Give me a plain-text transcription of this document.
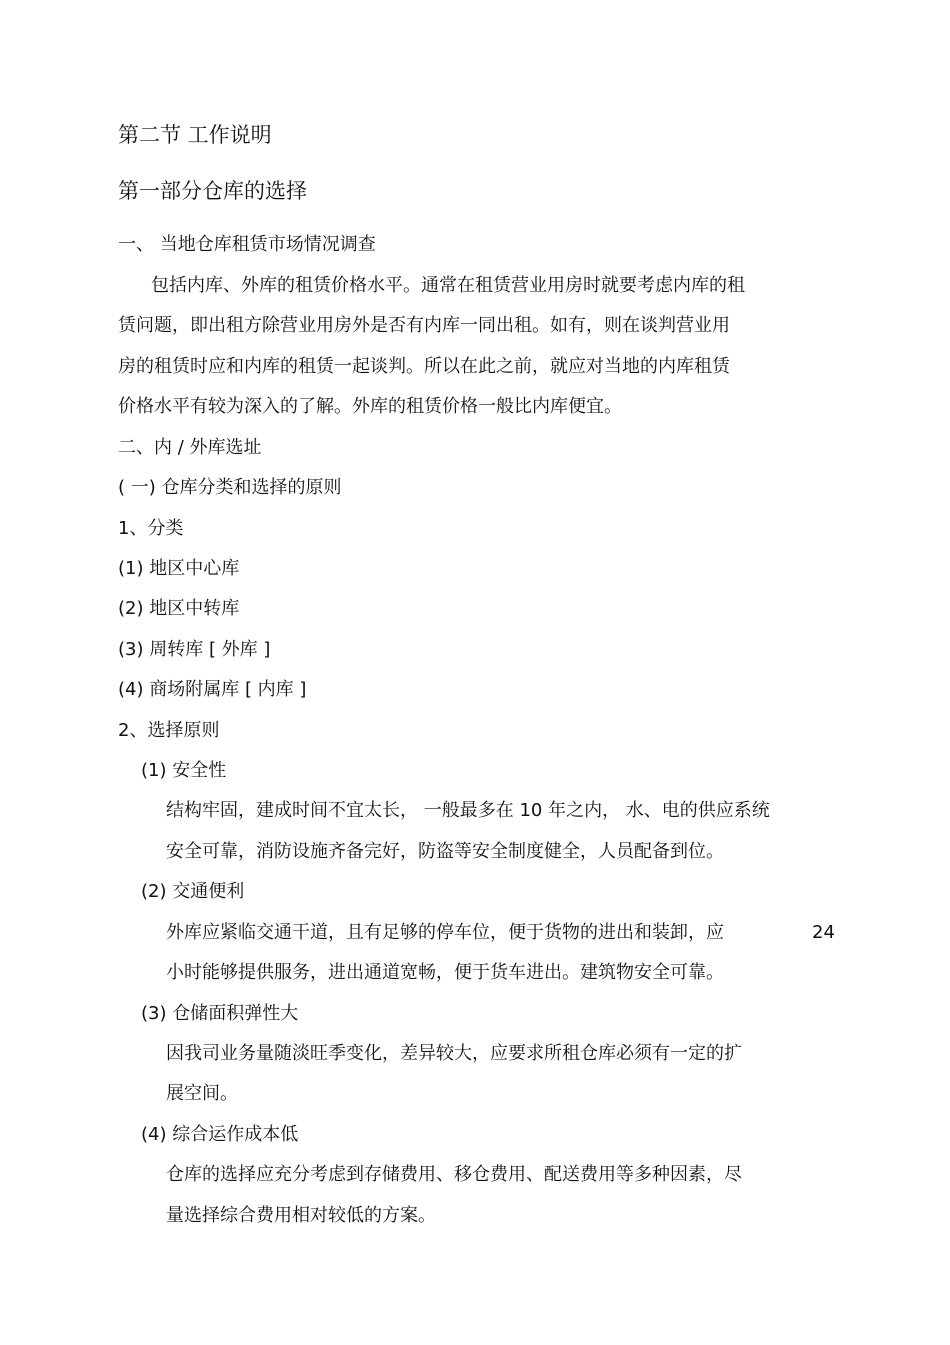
第二节 工作说明
第一部分仓库的选择
一、 当地仓库租赁市场情况调查
包括内库、外库的租赁价格水平。通常在租赁营业用房时就要考虑内库的租
赁问题，即出租方除营业用房外是否有内库一同出租。如有，则在谈判营业用
房的租赁时应和内库的租赁一起谈判。所以在此之前，就应对当地的内库租赁
价格水平有较为深入的了解。外库的租赁价格一般比内库便宜。
二、内 / 外库选址
( 一) 仓库分类和选择的原则
1、分类
(1) 地区中心库
(2) 地区中转库
(3) 周转库 [ 外库 ]
(4) 商场附属库 [ 内库 ]
2、选择原则
(1) 安全性
结构牢固，建成时间不宜太长， 一般最多在 10 年之内， 水、电的供应系统
安全可靠，消防设施齐备完好，防盗等安全制度健全，人员配备到位。
(2) 交通便利
外库应紧临交通干道，且有足够的停车位，便于货物的进出和装卸，应	24
小时能够提供服务，进出通道宽畅，便于货车进出。建筑物安全可靠。
(3) 仓储面积弹性大
因我司业务量随淡旺季变化，差异较大，应要求所租仓库必须有一定的扩
展空间。
(4) 综合运作成本低
仓库的选择应充分考虑到存储费用、移仓费用、配送费用等多种因素，尽
量选择综合费用相对较低的方案。
